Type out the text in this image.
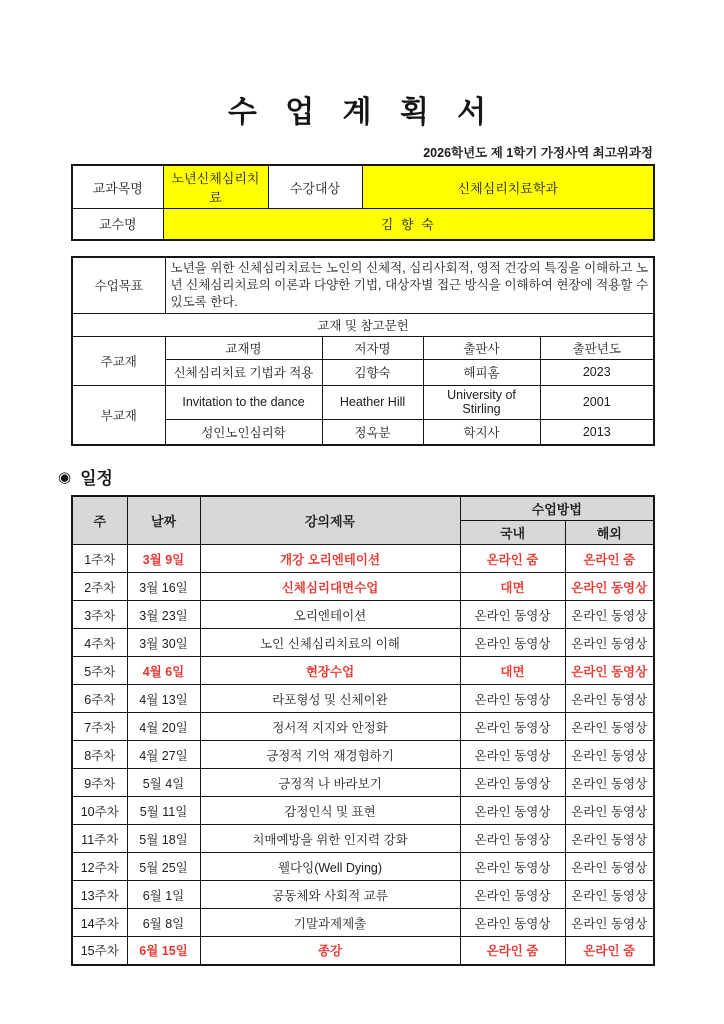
수 업 계 획 서
2026학년도 제 1학기 가정사역 최고위과정
교과목명	노년신체심리치료	수강대상	신체심리치료학과
교수명	김 향 숙		
수업목표	노년을 위한 신체심리치료는 노인의 신체적, 심리사회적, 영적 건강의 특징을 이해하고 노년 신체심리치료의 이론과 다양한 기법, 대상자별 접근 방식을 이해하여 현장에 적용할 수 있도록 한다.			
교재 및 참고문헌				
주교재	교재명	저자명	출판사	출판년도
	신체심리치료 기법과 적용	김향숙	해피홈	2023
부교재	Invitation to the dance	Heather Hill	University of Stirling	2001
	성인노인심리학	정옥분	학지사	2013
◉ 일정
주	날짜	강의제목	수업방법	
			국내	해외
1주차	3월 9일	개강 오리엔테이션	온라인 줌	온라인 줌
2주차	3월 16일	신체심리대면수업	대면	온라인 동영상
3주차	3월 23일	오리엔테이션	온라인 동영상	온라인 동영상
4주차	3월 30일	노인 신체심리치료의 이해	온라인 동영상	온라인 동영상
5주차	4월 6일	현장수업	대면	온라인 동영상
6주차	4월 13일	라포형성 및 신체이완	온라인 동영상	온라인 동영상
7주차	4월 20일	정서적 지지와 안정화	온라인 동영상	온라인 동영상
8주차	4월 27일	긍정적 기억 재경험하기	온라인 동영상	온라인 동영상
9주차	5월 4일	긍정적 나 바라보기	온라인 동영상	온라인 동영상
10주차	5월 11일	감정인식 및 표현	온라인 동영상	온라인 동영상
11주차	5월 18일	치매예방을 위한 인지력 강화	온라인 동영상	온라인 동영상
12주차	5월 25일	웰다잉(Well Dying)	온라인 동영상	온라인 동영상
13주차	6월 1일	공동체와 사회적 교류	온라인 동영상	온라인 동영상
14주차	6월 8일	기말과제제출	온라인 동영상	온라인 동영상
15주차	6월 15일	종강	온라인 줌	온라인 줌
